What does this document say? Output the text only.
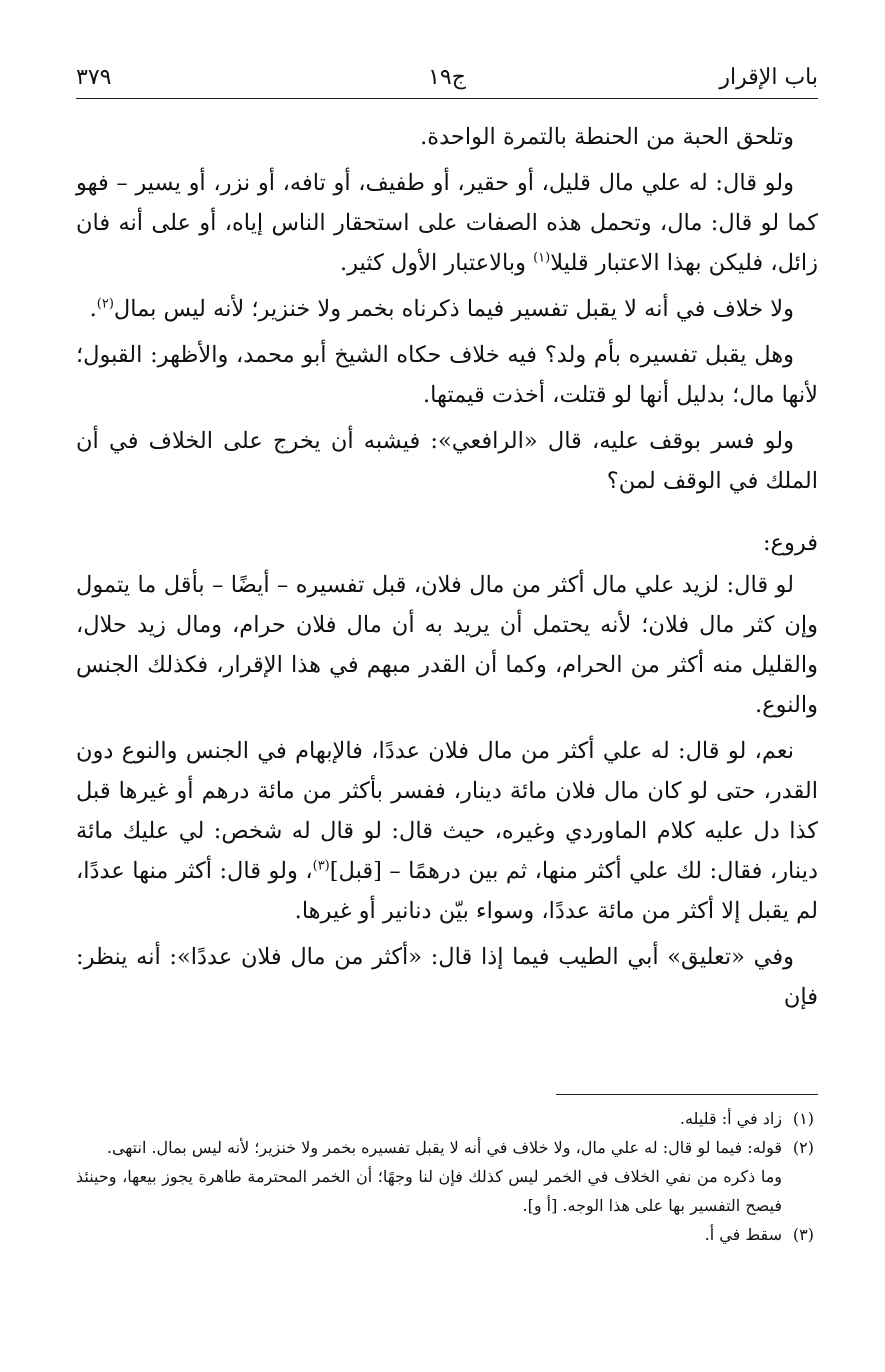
باب الإقرار
ج١٩
٣٧٩

وتلحق الحبة من الحنطة بالتمرة الواحدة.

ولو قال: له علي مال قليل، أو حقير، أو طفيف، أو تافه، أو نزر، أو يسير – فهو كما لو قال: مال، وتحمل هذه الصفات على استحقار الناس إياه، أو على أنه فان زائل، فليكن بهذا الاعتبار قليلا$^{(١)}$ وبالاعتبار الأول كثير.

ولا خلاف في أنه لا يقبل تفسير فيما ذكرناه بخمر ولا خنزير؛ لأنه ليس بمال$^{(٢)}$.

وهل يقبل تفسيره بأم ولد؟ فيه خلاف حكاه الشيخ أبو محمد، والأظهر: القبول؛ لأنها مال؛ بدليل أنها لو قتلت، أخذت قيمتها.

ولو فسر بوقف عليه، قال «الرافعي»: فيشبه أن يخرج على الخلاف في أن الملك في الوقف لمن؟

فروع:

لو قال: لزيد علي مال أكثر من مال فلان، قبل تفسيره – أيضًا – بأقل ما يتمول وإن كثر مال فلان؛ لأنه يحتمل أن يريد به أن مال فلان حرام، ومال زيد حلال، والقليل منه أكثر من الحرام، وكما أن القدر مبهم في هذا الإقرار، فكذلك الجنس والنوع.

نعم، لو قال: له علي أكثر من مال فلان عددًا، فالإبهام في الجنس والنوع دون القدر، حتى لو كان مال فلان مائة دينار، ففسر بأكثر من مائة درهم أو غيرها قبل كذا دل عليه كلام الماوردي وغيره، حيث قال: لو قال له شخص: لي عليك مائة دينار، فقال: لك علي أكثر منها، ثم بين درهمًا – [قبل]$^{(٣)}$، ولو قال: أكثر منها عددًا، لم يقبل إلا أكثر من مائة عددًا، وسواء بيّن دنانير أو غيرها.

وفي «تعليق» أبي الطيب فيما إذا قال: «أكثر من مال فلان عددًا»: أنه ينظر: فإن

(١)
زاد في أ: قليله.
(٢)
قوله: فيما لو قال: له علي مال، ولا خلاف في أنه لا يقبل تفسيره بخمر ولا خنزير؛ لأنه ليس بمال. انتهى.
وما ذكره من نفي الخلاف في الخمر ليس كذلك فإن لنا وجهًا؛ أن الخمر المحترمة طاهرة يجوز بيعها، وحينئذ فيصح التفسير بها على هذا الوجه. [أ و].
(٣)
سقط في أ.
